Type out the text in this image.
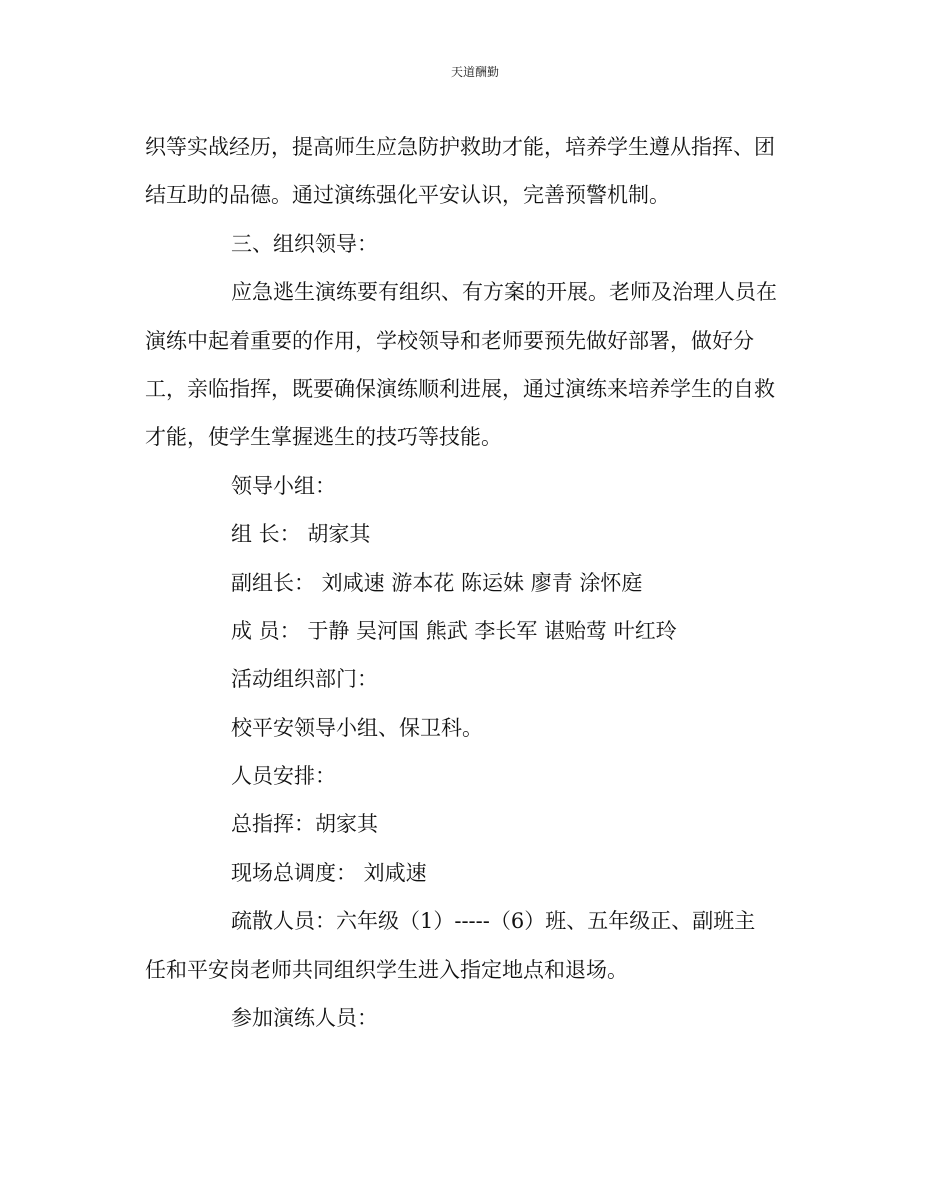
天道酬勤
织等实战经历，提高师生应急防护救助才能，培养学生遵从指挥、团
结互助的品德。通过演练强化平安认识，完善预警机制。
三、组织领导：
应急逃生演练要有组织、有方案的开展。老师及治理人员在
演练中起着重要的作用，学校领导和老师要预先做好部署，做好分
工，亲临指挥，既要确保演练顺利进展，通过演练来培养学生的自救
才能，使学生掌握逃生的技巧等技能。
领导小组：
组 长： 胡家其
副组长： 刘咸速 游本花 陈运妹 廖青 涂怀庭
成 员： 于静 吴河国 熊武 李长军 谌贻莺 叶红玲
活动组织部门：
校平安领导小组、保卫科。
人员安排：
总指挥：胡家其
现场总调度： 刘咸速
疏散人员：六年级（1）-----（6）班、五年级正、副班主
任和平安岗老师共同组织学生进入指定地点和退场。
参加演练人员：
